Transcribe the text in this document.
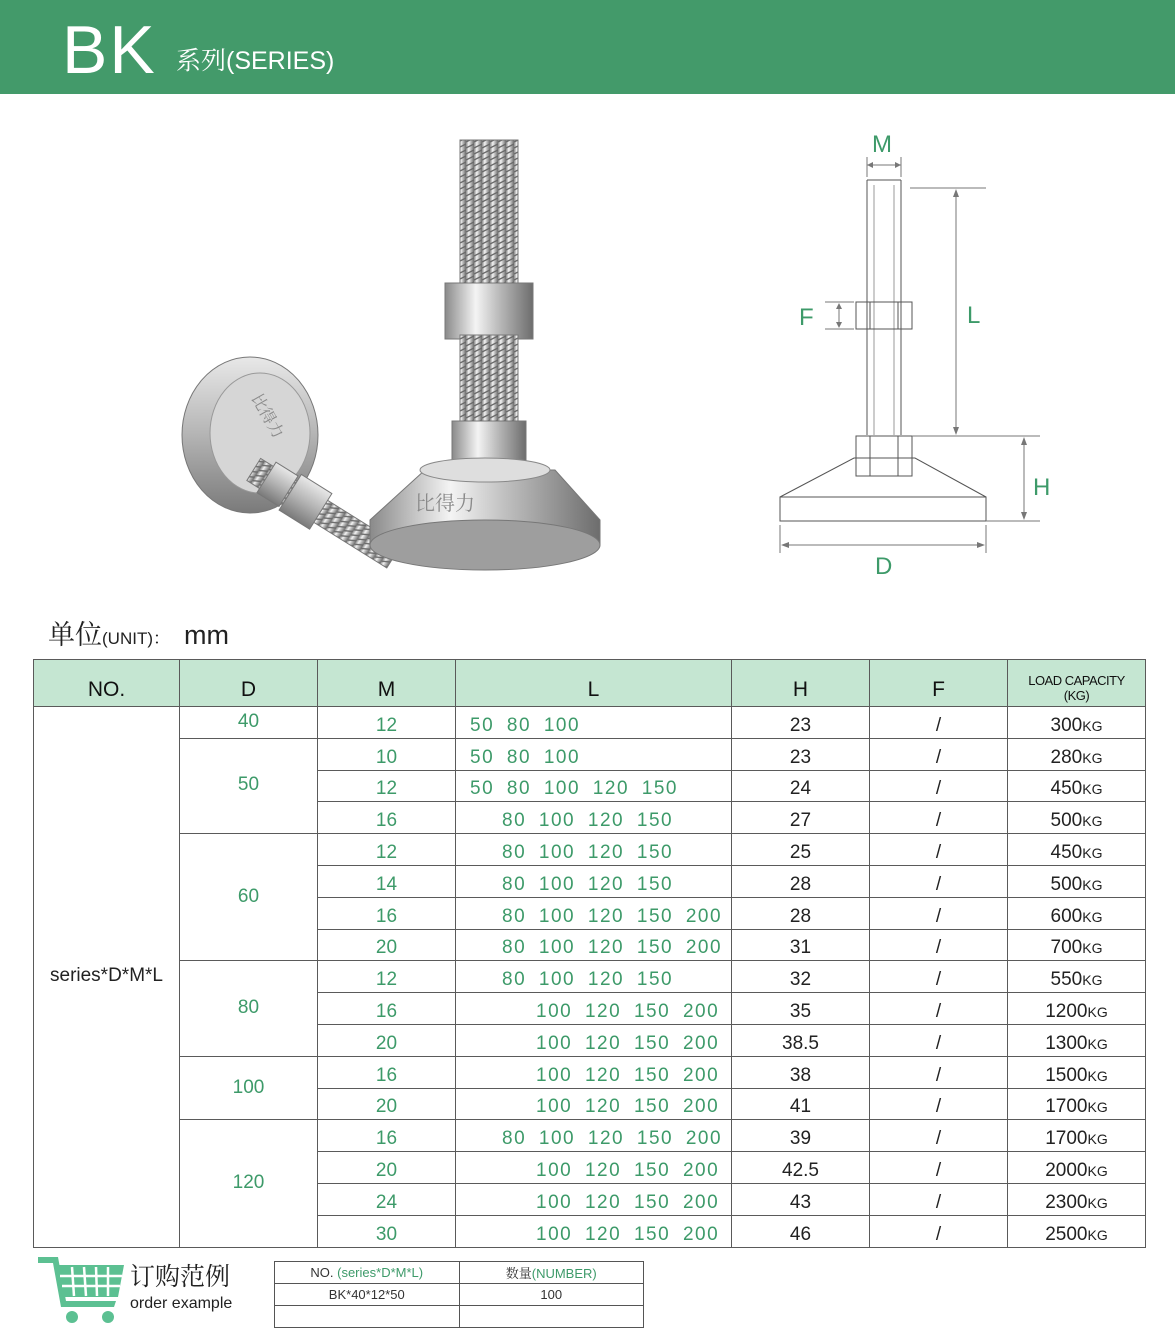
BK 系列(SERIES)
比得力
比得力
M
F	L
H
D
单位(UNIT)： mm
NO.	D	M	L	H	F	LOAD CAPACITY
(KG)
series*D*M*L	40	12	50 80 100	23	/	300KG
	50	10	50 80 100	23	/	280KG
		12	50 80 100 120 150	24	/	450KG
		16	80 100 120 150	27	/	500KG
	60	12	80 100 120 150	25	/	450KG
		14	80 100 120 150	28	/	500KG
		16	80 100 120 150 200	28	/	600KG
		20	80 100 120 150 200	31	/	700KG
	80	12	80 100 120 150	32	/	550KG
		16	100 120 150 200	35	/	1200KG
		20	100 120 150 200	38.5	/	1300KG
	100	16	100 120 150 200	38	/	1500KG
		20	100 120 150 200	41	/	1700KG
	120	16	80 100 120 150 200	39	/	1700KG
		20	100 120 150 200	42.5	/	2000KG
		24	100 120 150 200	43	/	2300KG
		30	100 120 150 200	46	/	2500KG
订购范例
order example
NO. (series*D*M*L)	数量(NUMBER)
BK*40*12*50	100
